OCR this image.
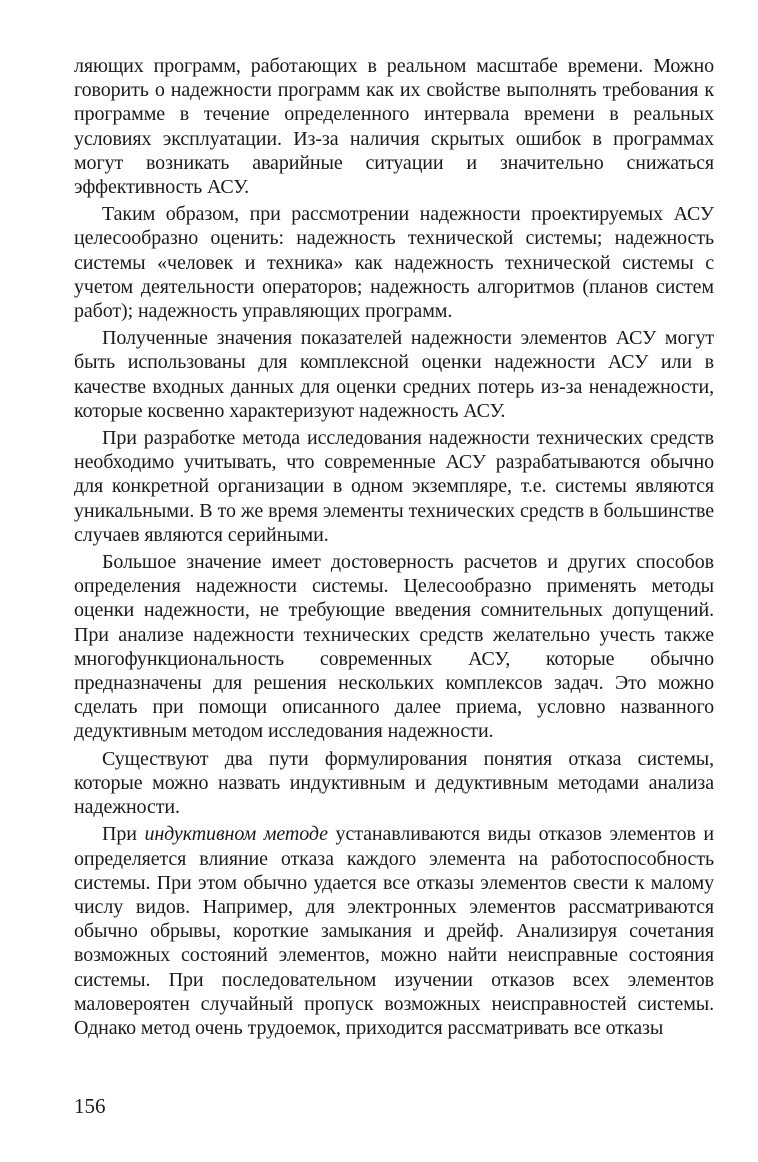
ляющих программ, работающих в реальном масштабе времени. Можно говорить о надежности программ как их свойстве выполнять требования к программе в течение определенного интервала времени в реальных условиях эксплуатации. Из-за наличия скрытых ошибок в программах могут возникать аварийные ситуации и значительно снижаться эффективность АСУ.

Таким образом, при рассмотрении надежности проектируемых АСУ целесообразно оценить: надежность технической системы; надежность системы «человек и техника» как надежность технической системы с учетом деятельности операторов; надежность алгоритмов (планов систем работ); надежность управляющих программ.

Полученные значения показателей надежности элементов АСУ могут быть использованы для комплексной оценки надежности АСУ или в качестве входных данных для оценки средних потерь из-за ненадежности, которые косвенно характеризуют надежность АСУ.

При разработке метода исследования надежности технических средств необходимо учитывать, что современные АСУ разрабатываются обычно для конкретной организации в одном экземпляре, т.е. системы являются уникальными. В то же время элементы технических средств в большинстве случаев являются серийными.

Большое значение имеет достоверность расчетов и других способов определения надежности системы. Целесообразно применять методы оценки надежности, не требующие введения сомнительных допущений. При анализе надежности технических средств желательно учесть также многофункциональность современных АСУ, которые обычно предназначены для решения нескольких комплексов задач. Это можно сделать при помощи описанного далее приема, условно названного дедуктивным методом исследования надежности.

Существуют два пути формулирования понятия отказа системы, которые можно назвать индуктивным и дедуктивным методами анализа надежности.

При индуктивном методе устанавливаются виды отказов элементов и определяется влияние отказа каждого элемента на работоспособность системы. При этом обычно удается все отказы элементов свести к малому числу видов. Например, для электронных элементов рассматриваются обычно обрывы, короткие замыкания и дрейф. Анализируя сочетания возможных состояний элементов, можно найти неисправные состояния системы. При последовательном изучении отказов всех элементов маловероятен случайный пропуск возможных неисправностей системы. Однако метод очень трудоемок, приходится рассматривать все отказы

156
